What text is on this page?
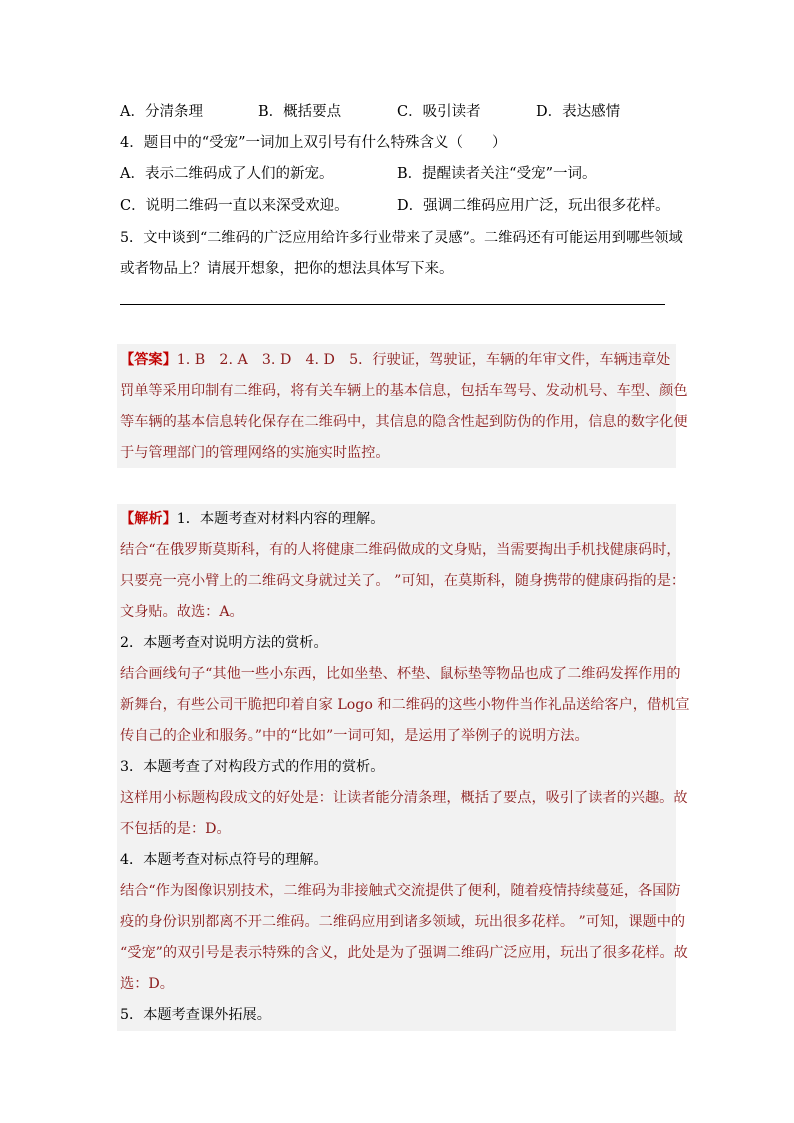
A．分清条理	B．概括要点	C．吸引读者	D．表达感情
4．题目中的“受宠”一词加上双引号有什么特殊含义（　　）
A．表示二维码成了人们的新宠。	B．提醒读者关注“受宠”一词。
C．说明二维码一直以来深受欢迎。	D．强调二维码应用广泛，玩出很多花样。
5．文中谈到“二维码的广泛应用给许多行业带来了灵感”。二维码还有可能运用到哪些领域
或者物品上？请展开想象，把你的想法具体写下来。
【答案】1. B　2. A　3. D　4. D　5．行驶证，驾驶证，车辆的年审文件，车辆违章处
罚单等采用印制有二维码，将有关车辆上的基本信息，包括车驾号、发动机号、车型、颜色
等车辆的基本信息转化保存在二维码中，其信息的隐含性起到防伪的作用，信息的数字化便
于与管理部门的管理网络的实施实时监控。
【解析】1．本题考查对材料内容的理解。
结合“在俄罗斯莫斯科，有的人将健康二维码做成的文身贴，当需要掏出手机找健康码时，
只要亮一亮小臂上的二维码文身就过关了。 ”可知，在莫斯科，随身携带的健康码指的是：
文身贴。故选：A。
2．本题考查对说明方法的赏析。
结合画线句子“其他一些小东西，比如坐垫、杯垫、鼠标垫等物品也成了二维码发挥作用的
新舞台，有些公司干脆把印着自家 Logo 和二维码的这些小物件当作礼品送给客户，借机宣
传自己的企业和服务。”中的“比如”一词可知，是运用了举例子的说明方法。
3．本题考查了对构段方式的作用的赏析。
这样用小标题构段成文的好处是：让读者能分清条理，概括了要点，吸引了读者的兴趣。故
不包括的是：D。
4．本题考查对标点符号的理解。
结合“作为图像识别技术，二维码为非接触式交流提供了便利，随着疫情持续蔓延，各国防
疫的身份识别都离不开二维码。二维码应用到诸多领域，玩出很多花样。 ”可知，课题中的
“受宠”的双引号是表示特殊的含义，此处是为了强调二维码广泛应用，玩出了很多花样。故
选：D。
5．本题考查课外拓展。
